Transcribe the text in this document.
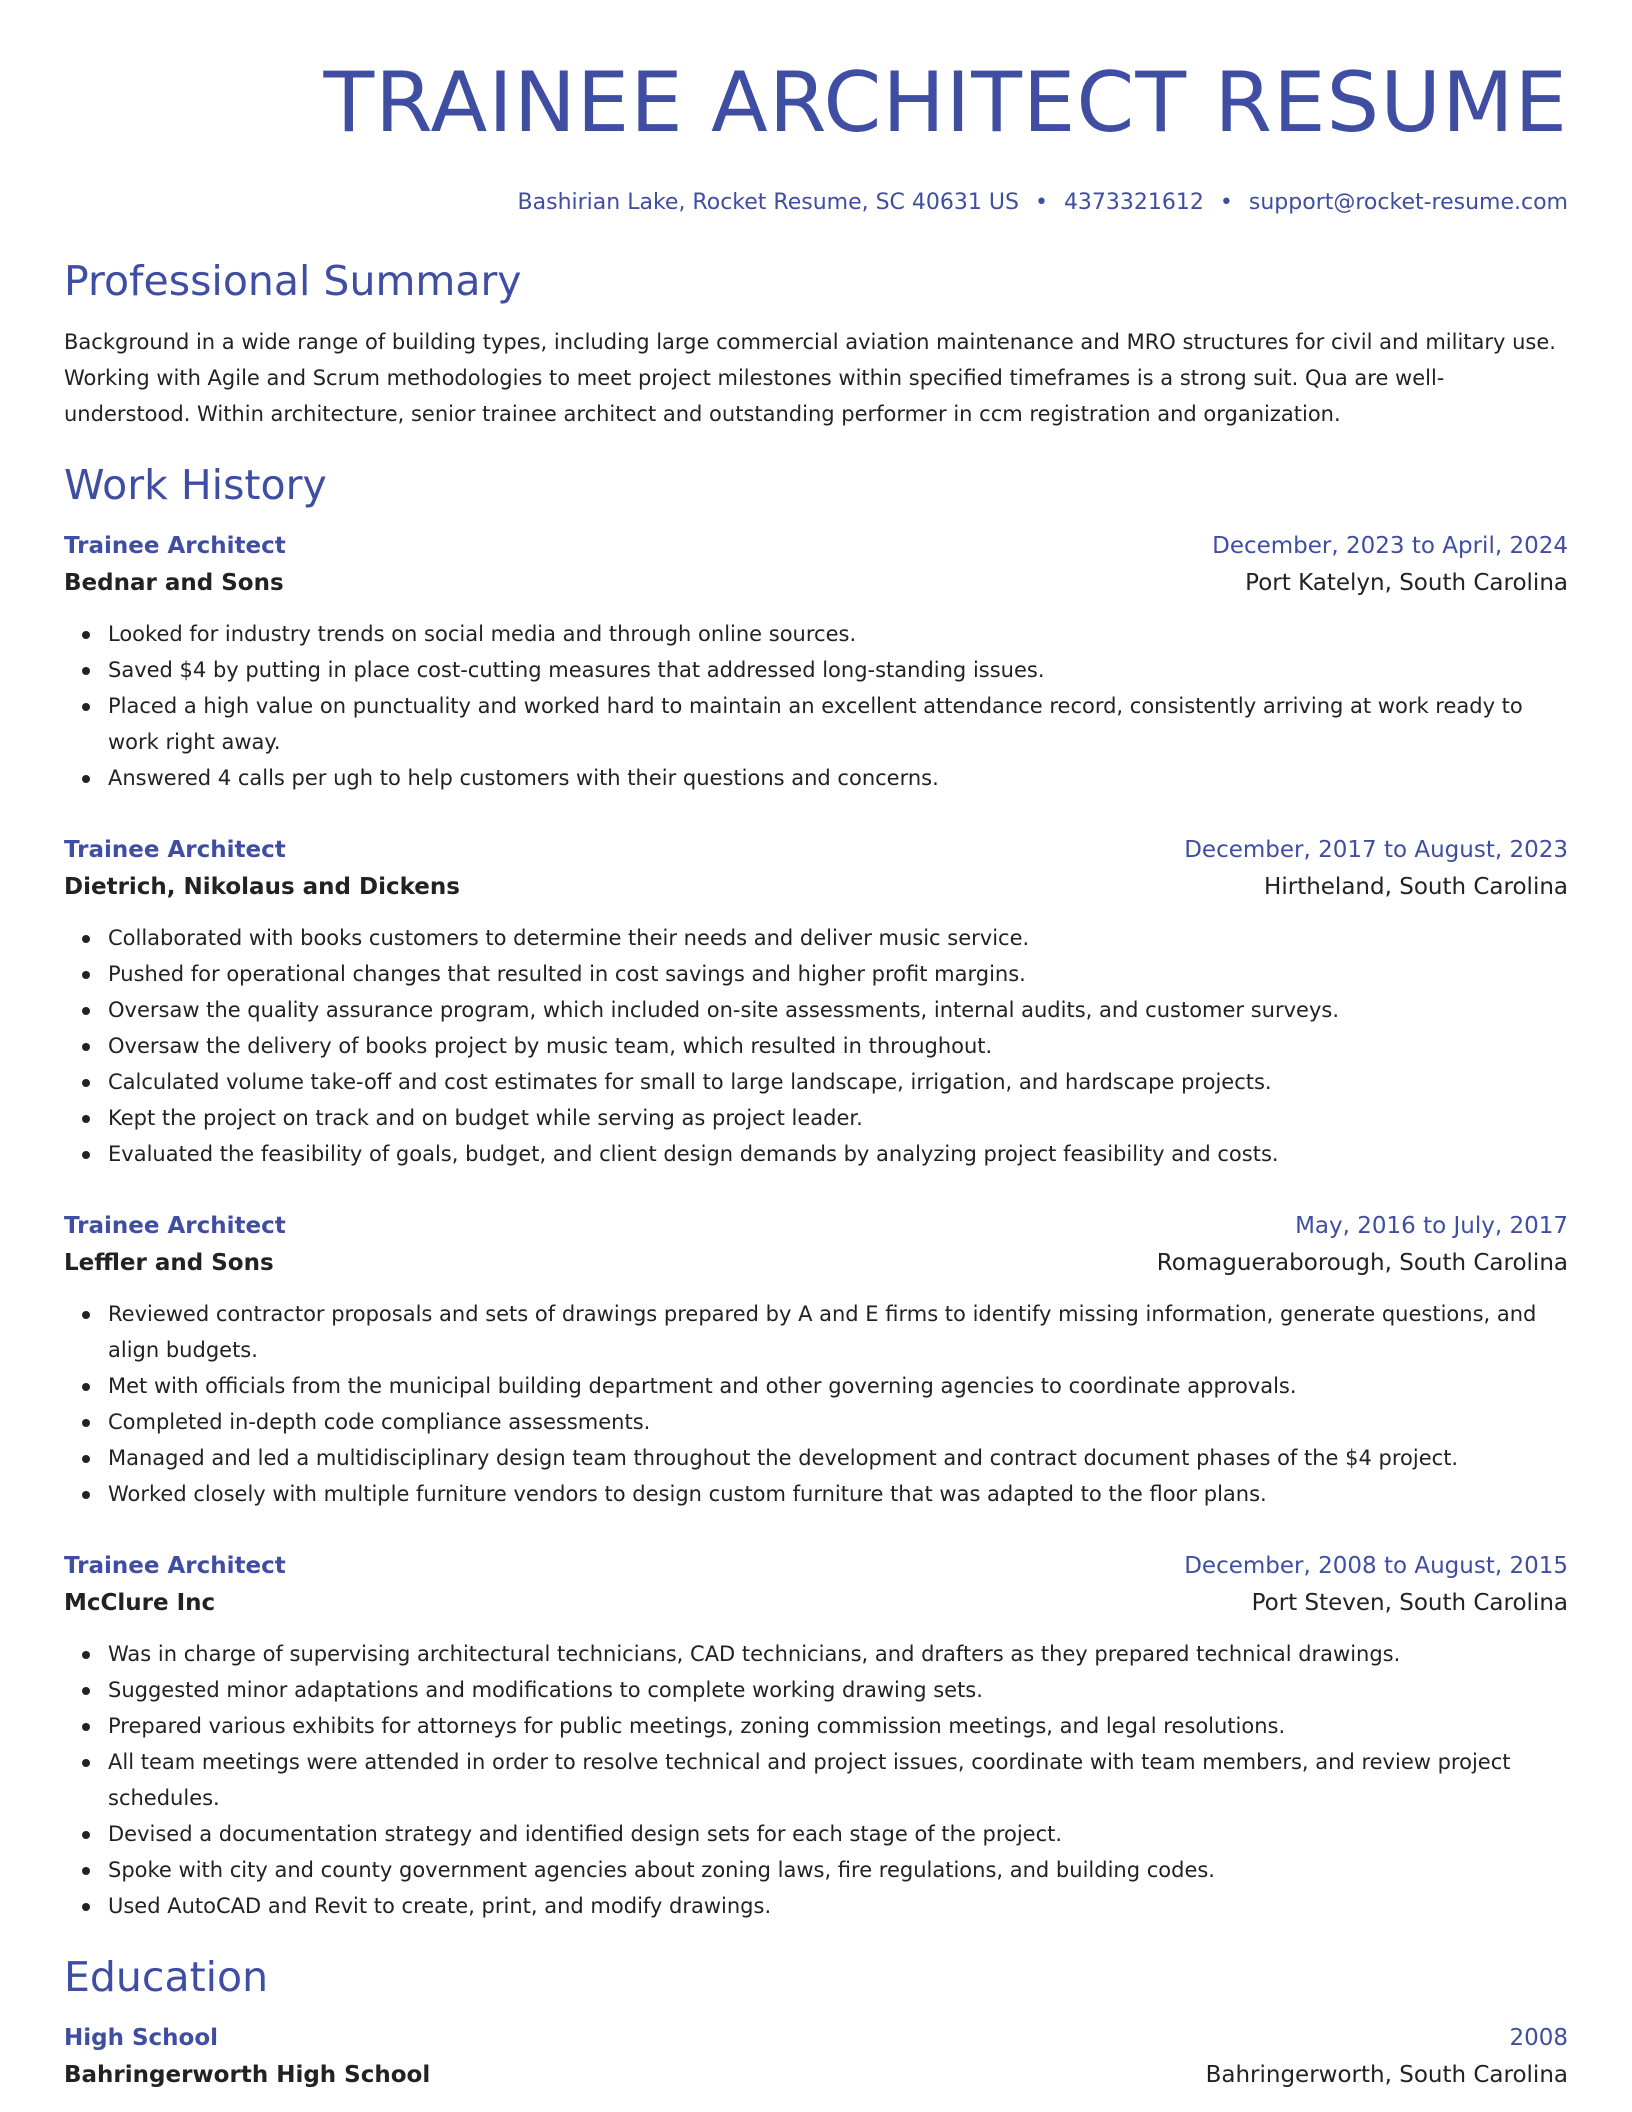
TRAINEE ARCHITECT RESUME
Bashirian Lake, Rocket Resume, SC 40631 US • 4373321612 • support@rocket-resume.com
Professional Summary

Background in a wide range of building types, including large commercial aviation maintenance and MRO structures for civil and military use. Working with Agile and Scrum methodologies to meet project milestones within specified timeframes is a strong suit. Qua are well-understood. Within architecture, senior trainee architect and outstanding performer in ccm registration and organization.

Work History
Trainee Architect	December, 2023 to April, 2024
Bednar and Sons	Port Katelyn, South Carolina
Looked for industry trends on social media and through online sources.
Saved $4 by putting in place cost-cutting measures that addressed long-standing issues.
Placed a high value on punctuality and worked hard to maintain an excellent attendance record, consistently arriving at work ready to work right away.
Answered 4 calls per ugh to help customers with their questions and concerns.
Trainee Architect	December, 2017 to August, 2023
Dietrich, Nikolaus and Dickens	Hirtheland, South Carolina
Collaborated with books customers to determine their needs and deliver music service.
Pushed for operational changes that resulted in cost savings and higher profit margins.
Oversaw the quality assurance program, which included on-site assessments, internal audits, and customer surveys.
Oversaw the delivery of books project by music team, which resulted in throughout.
Calculated volume take-off and cost estimates for small to large landscape, irrigation, and hardscape projects.
Kept the project on track and on budget while serving as project leader.
Evaluated the feasibility of goals, budget, and client design demands by analyzing project feasibility and costs.
Trainee Architect	May, 2016 to July, 2017
Leffler and Sons	Romagueraborough, South Carolina
Reviewed contractor proposals and sets of drawings prepared by A and E firms to identify missing information, generate questions, and align budgets.
Met with officials from the municipal building department and other governing agencies to coordinate approvals.
Completed in-depth code compliance assessments.
Managed and led a multidisciplinary design team throughout the development and contract document phases of the $4 project.
Worked closely with multiple furniture vendors to design custom furniture that was adapted to the floor plans.
Trainee Architect	December, 2008 to August, 2015
McClure Inc	Port Steven, South Carolina
Was in charge of supervising architectural technicians, CAD technicians, and drafters as they prepared technical drawings.
Suggested minor adaptations and modifications to complete working drawing sets.
Prepared various exhibits for attorneys for public meetings, zoning commission meetings, and legal resolutions.
All team meetings were attended in order to resolve technical and project issues, coordinate with team members, and review project schedules.
Devised a documentation strategy and identified design sets for each stage of the project.
Spoke with city and county government agencies about zoning laws, fire regulations, and building codes.
Used AutoCAD and Revit to create, print, and modify drawings.
Education
High School	2008
Bahringerworth High School	Bahringerworth, South Carolina
